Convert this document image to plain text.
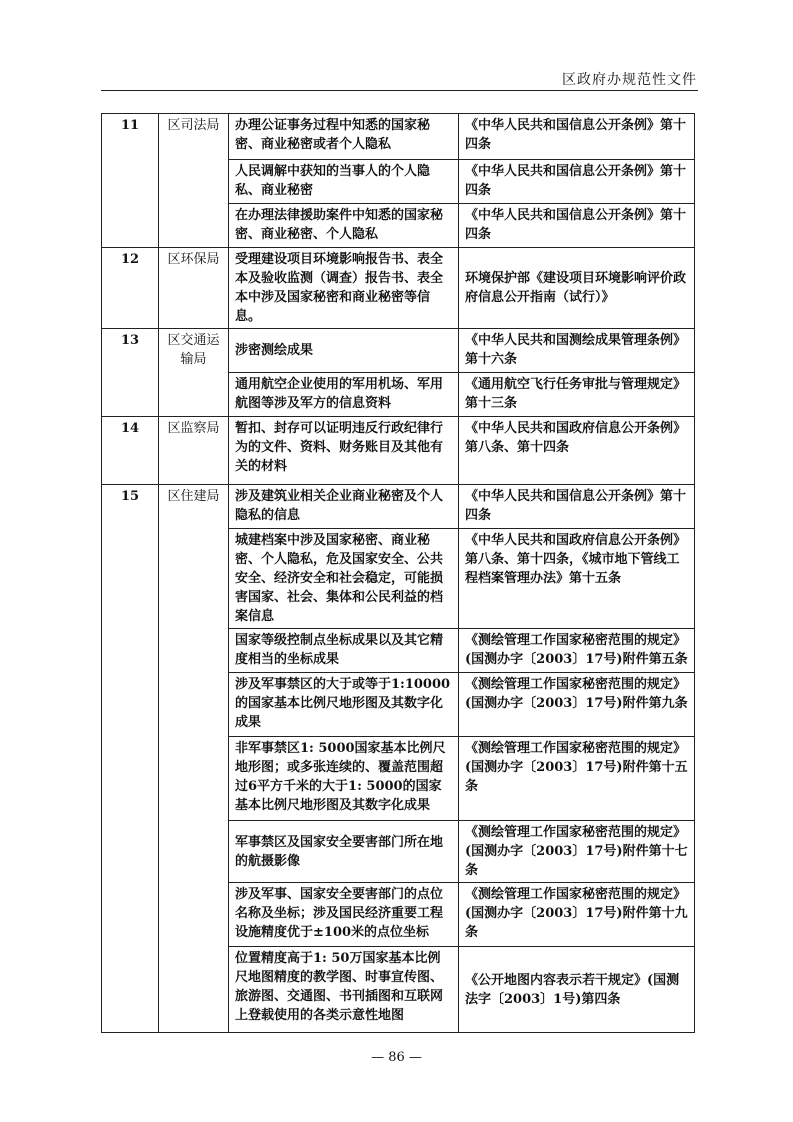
区政府办规范性文件
11	区司法局	办理公证事务过程中知悉的国家秘密、商业秘密或者个人隐私	《中华人民共和国信息公开条例》第十四条
		人民调解中获知的当事人的个人隐私、商业秘密	《中华人民共和国信息公开条例》第十四条
		在办理法律援助案件中知悉的国家秘密、商业秘密、个人隐私	《中华人民共和国信息公开条例》第十四条
12	区环保局	受理建设项目环境影响报告书、表全本及验收监测（调查）报告书、表全本中涉及国家秘密和商业秘密等信息。	环境保护部《建设项目环境影响评价政府信息公开指南（试行）》
13	区交通运输局	涉密测绘成果	《中华人民共和国测绘成果管理条例》第十六条
		通用航空企业使用的军用机场、军用航图等涉及军方的信息资料	《通用航空飞行任务审批与管理规定》第十三条
14	区监察局	暂扣、封存可以证明违反行政纪律行为的文件、资料、财务账目及其他有关的材料	《中华人民共和国政府信息公开条例》第八条、第十四条
15	区住建局	涉及建筑业相关企业商业秘密及个人隐私的信息	《中华人民共和国信息公开条例》第十四条
		城建档案中涉及国家秘密、商业秘密、个人隐私，危及国家安全、公共安全、经济安全和社会稳定，可能损害国家、社会、集体和公民利益的档案信息	《中华人民共和国政府信息公开条例》第八条、第十四条，《城市地下管线工程档案管理办法》第十五条
		国家等级控制点坐标成果以及其它精度相当的坐标成果	《测绘管理工作国家秘密范围的规定》(国测办字〔2003〕17号)附件第五条
		涉及军事禁区的大于或等于1:10000的国家基本比例尺地形图及其数字化成果	《测绘管理工作国家秘密范围的规定》(国测办字〔2003〕17号)附件第九条
		非军事禁区1: 5000国家基本比例尺地形图；或多张连续的、覆盖范围超过6平方千米的大于1: 5000的国家基本比例尺地形图及其数字化成果	《测绘管理工作国家秘密范围的规定》(国测办字〔2003〕17号)附件第十五条
		军事禁区及国家安全要害部门所在地的航摄影像	《测绘管理工作国家秘密范围的规定》(国测办字〔2003〕17号)附件第十七条
		涉及军事、国家安全要害部门的点位名称及坐标；涉及国民经济重要工程设施精度优于±100米的点位坐标	《测绘管理工作国家秘密范围的规定》(国测办字〔2003〕17号)附件第十九条
		位置精度高于1: 50万国家基本比例尺地图精度的教学图、时事宣传图、旅游图、交通图、书刊插图和互联网上登载使用的各类示意性地图	《公开地图内容表示若干规定》(国测法字〔2003〕1号)第四条
— 86 —
